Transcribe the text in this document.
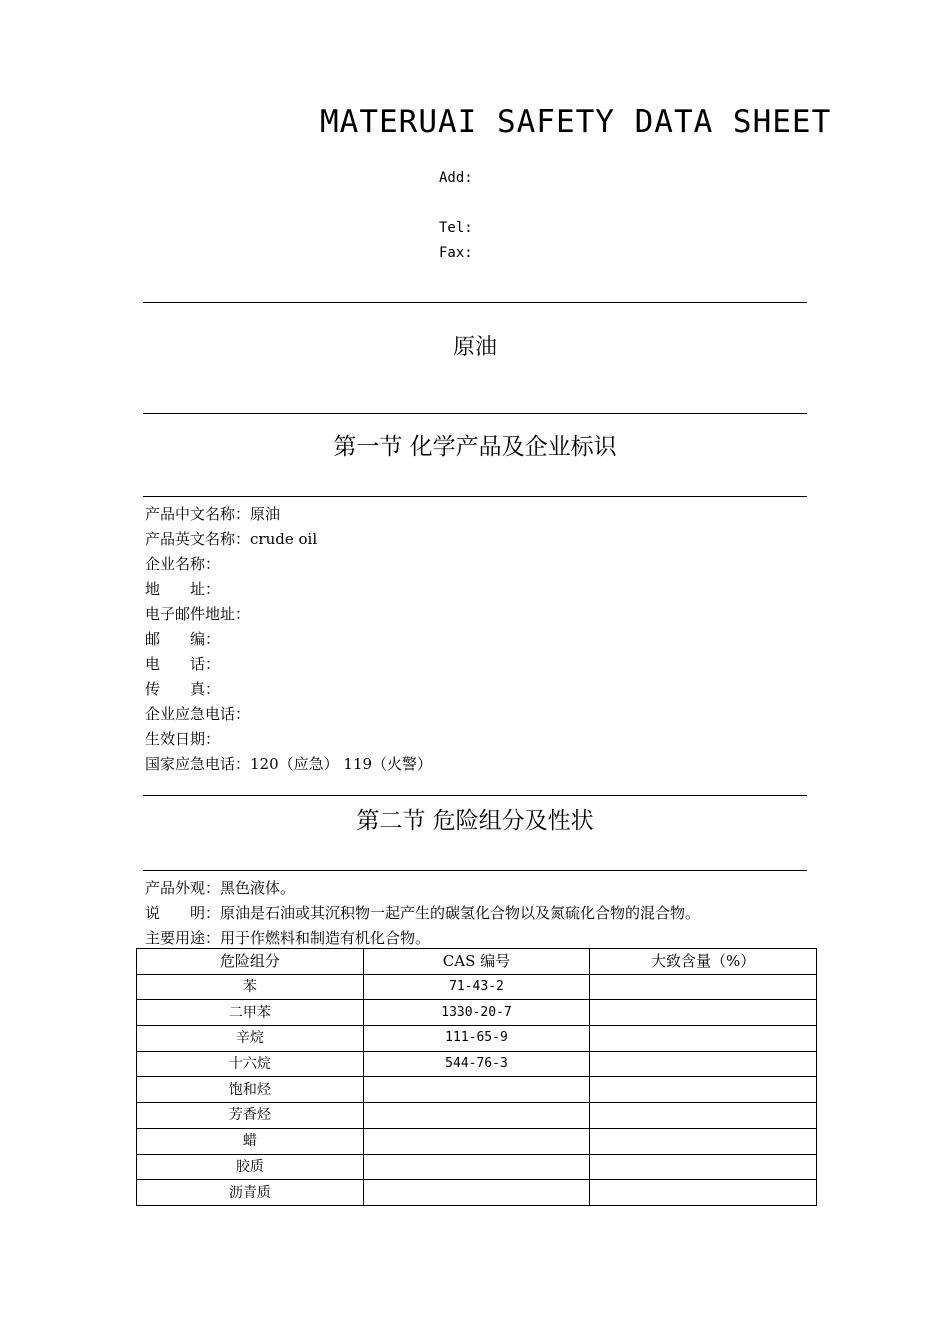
MATERUAI SAFETY DATA SHEET
Add:
Tel:
Fax:
原油
第一节 化学产品及企业标识
产品中文名称：原油
产品英文名称：crude oil
企业名称：
地　　址：
电子邮件地址：
邮　　编：
电　　话：
传　　真：
企业应急电话：
生效日期：
国家应急电话：120（应急） 119（火警）
第二节 危险组分及性状
产品外观：黑色液体。
说　　明：原油是石油或其沉积物一起产生的碳氢化合物以及氮硫化合物的混合物。
主要用途：用于作燃料和制造有机化合物。
危险组分	CAS 编号	大致含量（%）
苯	71-43-2	
二甲苯	1330-20-7	
辛烷	111‑65‑9	
十六烷	544-76-3	
饱和烃		
芳香烃		
蜡		
胶质		
沥青质		
